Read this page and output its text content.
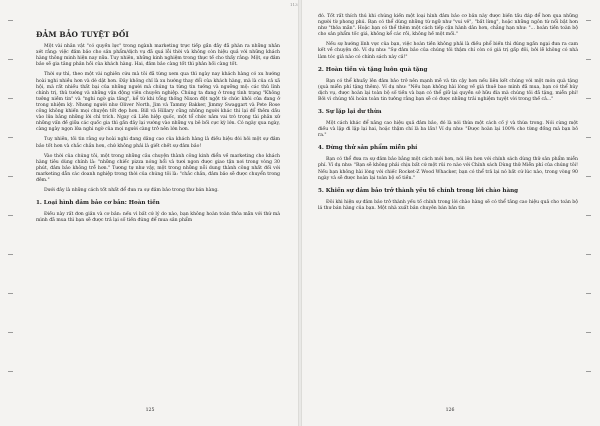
113
ĐẢM BẢO TUYỆT ĐỐI

Một vài nhân vật "có quyền lực" trong ngành marketing trực tiếp gần đây đã phàn ra những nhân xét rằng: việc đảm bảo cho sản phẩm/dịch vụ đã quá lỗi thời và không còn hiệu quả với những khách hàng thông minh hiện nay nữa. Tuy nhiên, những kinh nghiệm trong thực tế cho thấy rằng: Một, sự đảm bảo sẽ gia tăng phản hồi của khách hàng. Hai, đảm bảo càng tốt thì phản hồi càng tốt.

Thời sự thì, theo một vài nghiên cứu mà tôi đã từng xem qua thì ngày nay khách hàng có xu hướng hoài nghi nhiều hơn và dè dặt hơn. Đây không chỉ là xu hướng thay đổi của khách hàng, mà là của cả xã hội, mà rất nhiều thất bại của những người mà chúng ta từng tin tưởng và ngưỡng mộ: các thủ lĩnh chính trị, thủ tướng và những vận động viên chuyên nghiệp. Chúng ta đang ở trong tình trạng "Không tưởng niềm tin" và "nghi ngờ gia tăng", kể từ khi tổng thống Nixon đột ngột từ chức khỏi cửa đang ở trong nhiệm kỳ. Nhưng người như Oliver North, Jim và Tammy Bakker, Jimmy Swaggart và Pete Rose công không khiến mọi chuyện tốt đẹp hơn. Bill và Hillary cũng những người khác thì lại đổ thêm dầu vào lửa bằng những lời chỉ trích. Ngay cả Liên hiệp quốc, một tổ chức nằm vai trò trọng tài phân xử những vấn đề giữa các quốc gia thì gần đây lại vướng vào những vụ bê bối cực kỳ lớn. Có ngày qua ngày, càng ngày ngọn lửa nghi ngờ của mọi người càng trở nên lớn hơn.

Tuy nhiên, tôi tin rằng sự hoài nghi đang dâng cao của khách hàng là điều hiệu đòi hỏi một sự đảm bảo tốt hơn và chắc chắn hơn, chứ không phải là giết chết sự đảm bảo!

Vào thời của chúng tôi, một trong những câu chuyện thành công kinh điển về marketing cho khách hàng tiêu dùng chính là: "những chiếc pizza nóng hổi và tươi ngon được giao tận nơi trong vòng 30 phút, đảm bảo không trễ hơn." Tương tự như vậy, một trong những nỗi dung thành công nhất đối với marketing dẫn các doanh nghiệp trong thời của chúng tôi là: "chắc chắn, đảm bảo sẽ được chuyển trong đêm."

Dưới đây là những cách tốt nhất để đưa ra sự đảm bảo trong thư bán hàng.

1. Loại hình đảm bảo cơ bản: Hoàn tiền

Điều này rất đơn giản và cơ bản: nếu vì bất cứ lý do nào, bạn không hoàn toàn thỏa mãn với thứ mà mình đã mua thì bạn sẽ được trả lại số tiền đúng để mua sản phẩm

125

đó. Tốt rất thích thú khi chúng kiến một loại hình đảm bảo cơ bản này được biến tấu đáp để hơn qua những người từ phong phú. Bạn có thể dùng những từ ngữ như "vui vẻ", "bất lừng", hoặc những ngôn từ nổi bật hơn như "thỏa mãn". Hoặc bạn có thể thêm một cách tiếp cận hành dân hơn, chẳng hạn như: "... hoàn tiền toàn bộ cho sản phẩm tốc giá, không kể các rồi, không hề một mối."

Nếu sự hướng lĩnh vực của bạn, việc hoàn tiền không phải là điều phổ biến thì đúng ngần ngại đưa ra cam kết về chuyện đó. Ví dụ như: "Sự đảm bảo của chúng tôi thậm chí còn có giá trị gấp đôi, bởi lẽ không có nhà làm tóc giả nào có chính sách này cả!"

2. Hoàn tiền và tặng luôn quà tặng

Bạn có thể khuấy lên đảm bảo trở nên mạnh mẽ và tin cậy hơn nếu liên kết chúng với một món quà tặng (quà miễn phí tặng thêm). Ví dụ như: "Nếu bạn không hài lòng về giá thuê bao mình đã mua, bạn có thể hủy dịch vụ, được hoàn lại toàn bộ số tiền và bạn có thể giữ lại quyền sở hữu đĩa mà chúng tôi đã tặng, miễn phí! Bởi vì chúng tôi hoàn toàn tin tưởng rằng bạn sẽ có được những trải nghiệm tuyệt vời trong thế cả..."

3. Sự lặp lại dư thừa

Một cách khác để nâng cao hiệu quả đảm bảo, đó là nói thừa một cách cố ý và thừa trong. Nói cùng một điều và lặp đi lặp lại hai, hoặc thậm chí là ba lần! Ví dụ như: "Được hoàn lại 100% cho từng đồng mà bạn bỏ ra."

4. Đừng thử sản phẩm miễn phí

Bạn có thể đưa ra sự đảm bảo bằng một cách mới hơn, nói lên hơn với chính sách dùng thử sản phẩm miễn phí. Ví dụ như: "Bạn sẽ không phải chịu bất cứ một rủi ro nào với Chính sách Dùng thử Miễn phí của chúng tôi! Nếu bạn không hài lòng với chiếc Rocket-Z Wood Whacker, bạn có thể trả lại nó bất cứ lúc nào, trong vòng 90 ngày và sẽ được hoàn lại toàn bộ số tiền."

5. Khiến sự đảm bảo trở thành yếu tố chính trong lời chào hàng

Đôi khi hiện sự đảm bảo trở thành yếu tố chính trong lời chào hàng sẽ có thể tăng cao hiệu quả cho toàn bộ lá thư bán hàng của bạn. Một nhà xuất bản chuyên bán bản tin

126
